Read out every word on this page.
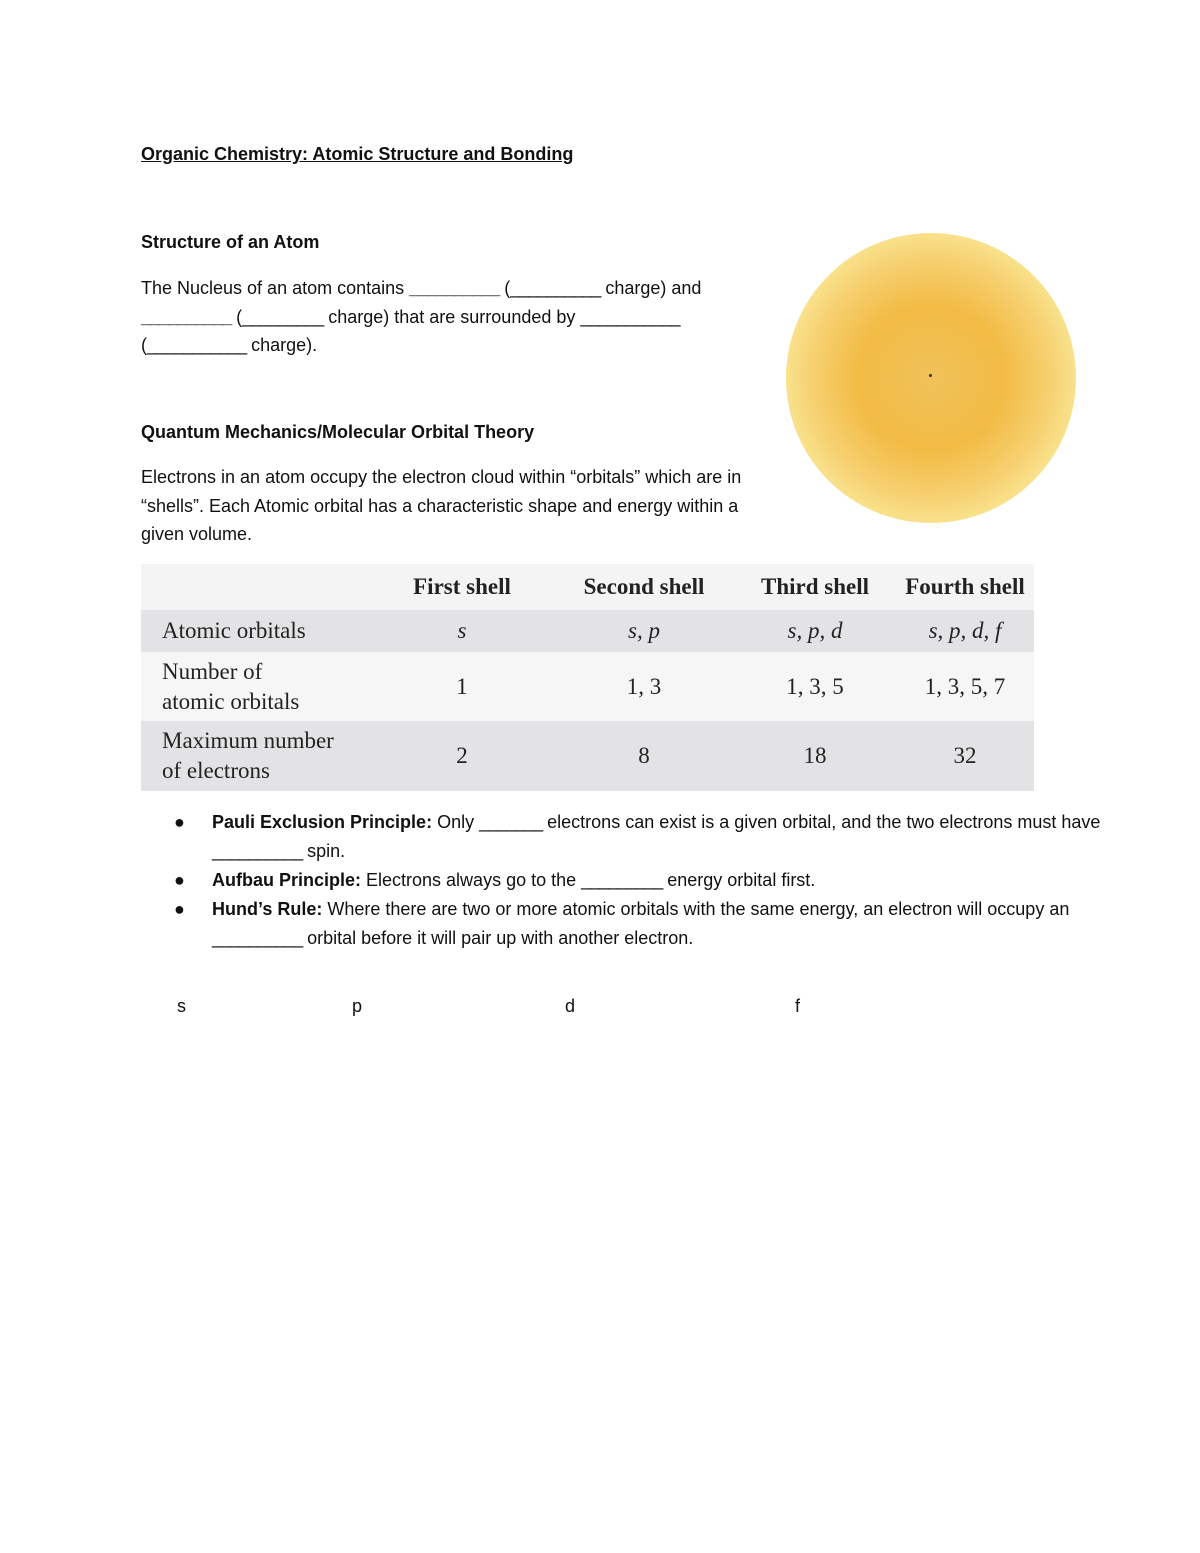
Organic Chemistry: Atomic Structure and Bonding
Structure of an Atom

The Nucleus of an atom contains __________ (__________ charge) and
__________ (_________ charge) that are surrounded by ___________
(___________ charge).

Quantum Mechanics/Molecular Orbital Theory

Electrons in an atom occupy the electron cloud within “orbitals” which are in “shells”. Each Atomic orbital has a characteristic shape and energy within a given volume.

	First shell	Second shell	Third shell	Fourth shell
Atomic orbitals	s	s, p	s, p, d	s, p, d, f
Number of
atomic orbitals	1	1, 3	1, 3, 5	1, 3, 5, 7
Maximum number
of electrons	2	8	18	32
● Pauli Exclusion Principle: Only _______ electrons can exist is a given orbital, and the two electrons must have __________ spin.
● Aufbau Principle: Electrons always go to the _________ energy orbital first.
● Hund’s Rule: Where there are two or more atomic orbitals with the same energy, an electron will occupy an __________ orbital before it will pair up with another electron.
s	p	d	f
